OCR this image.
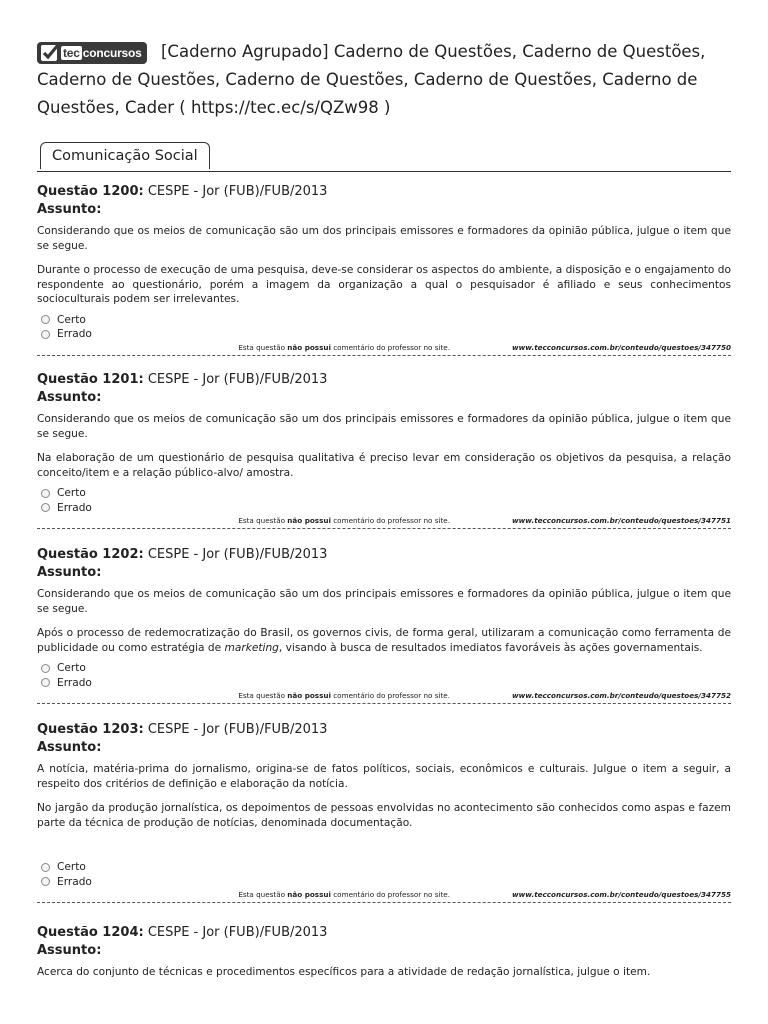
tec concursos	[Caderno Agrupado] Caderno de Questões, Caderno de Questões, Caderno de Questões, Caderno de Questões, Caderno de Questões, Caderno de Questões, Cader ( https://tec.ec/s/QZw98 )

Comunicação Social
Questão 1200: CESPE - Jor (FUB)/FUB/2013
Assunto:

Considerando que os meios de comunicação são um dos principais emissores e formadores da opinião pública, julgue o item que se segue.

Durante o processo de execução de uma pesquisa, deve-se considerar os aspectos do ambiente, a disposição e o engajamento do respondente ao questionário, porém a imagem da organização a qual o pesquisador é afiliado e seus conhecimentos socioculturais podem ser irrelevantes.

Certo
Errado
Esta questão não possui comentário do professor no site.	www.tecconcursos.com.br/conteudo/questoes/347750
Questão 1201: CESPE - Jor (FUB)/FUB/2013
Assunto:

Considerando que os meios de comunicação são um dos principais emissores e formadores da opinião pública, julgue o item que se segue.

Na elaboração de um questionário de pesquisa qualitativa é preciso levar em consideração os objetivos da pesquisa, a relação conceito/item e a relação público-alvo/ amostra.

Certo
Errado
Esta questão não possui comentário do professor no site.	www.tecconcursos.com.br/conteudo/questoes/347751
Questão 1202: CESPE - Jor (FUB)/FUB/2013
Assunto:

Considerando que os meios de comunicação são um dos principais emissores e formadores da opinião pública, julgue o item que se segue.

Após o processo de redemocratização do Brasil, os governos civis, de forma geral, utilizaram a comunicação como ferramenta de publicidade ou como estratégia de marketing, visando à busca de resultados imediatos favoráveis às ações governamentais.

Certo
Errado
Esta questão não possui comentário do professor no site.	www.tecconcursos.com.br/conteudo/questoes/347752
Questão 1203: CESPE - Jor (FUB)/FUB/2013
Assunto:

A notícia, matéria-prima do jornalismo, origina-se de fatos políticos, sociais, econômicos e culturais. Julgue o item a seguir, a respeito dos critérios de definição e elaboração da notícia.

No jargão da produção jornalística, os depoimentos de pessoas envolvidas no acontecimento são conhecidos como aspas e fazem parte da técnica de produção de notícias, denominada documentação.

Certo
Errado
Esta questão não possui comentário do professor no site.	www.tecconcursos.com.br/conteudo/questoes/347755
Questão 1204: CESPE - Jor (FUB)/FUB/2013
Assunto:

Acerca do conjunto de técnicas e procedimentos específicos para a atividade de redação jornalística, julgue o item.
